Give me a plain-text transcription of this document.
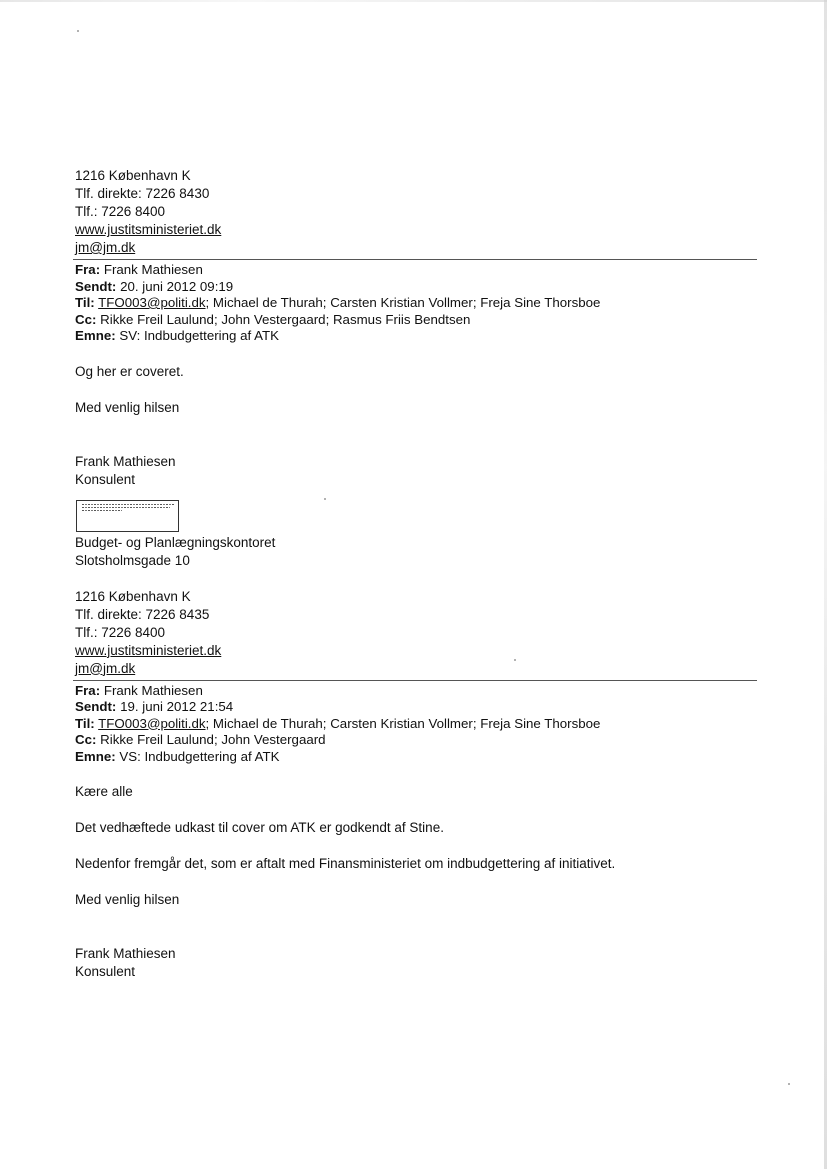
1216 København K
Tlf. direkte: 7226 8430
Tlf.: 7226 8400
www.justitsministeriet.dk
jm@jm.dk
Fra: Frank Mathiesen
Sendt: 20. juni 2012 09:19
Til: TFO003@politi.dk; Michael de Thurah; Carsten Kristian Vollmer; Freja Sine Thorsboe
Cc: Rikke Freil Laulund; John Vestergaard; Rasmus Friis Bendtsen
Emne: SV: Indbudgettering af ATK
Og her er coveret.
Med venlig hilsen
Frank Mathiesen
Konsulent
Budget- og Planlægningskontoret
Slotsholmsgade 10
1216 København K
Tlf. direkte: 7226 8435
Tlf.: 7226 8400
www.justitsministeriet.dk
jm@jm.dk
Fra: Frank Mathiesen
Sendt: 19. juni 2012 21:54
Til: TFO003@politi.dk; Michael de Thurah; Carsten Kristian Vollmer; Freja Sine Thorsboe
Cc: Rikke Freil Laulund; John Vestergaard
Emne: VS: Indbudgettering af ATK
Kære alle
Det vedhæftede udkast til cover om ATK er godkendt af Stine.
Nedenfor fremgår det, som er aftalt med Finansministeriet om indbudgettering af initiativet.
Med venlig hilsen
Frank Mathiesen
Konsulent
